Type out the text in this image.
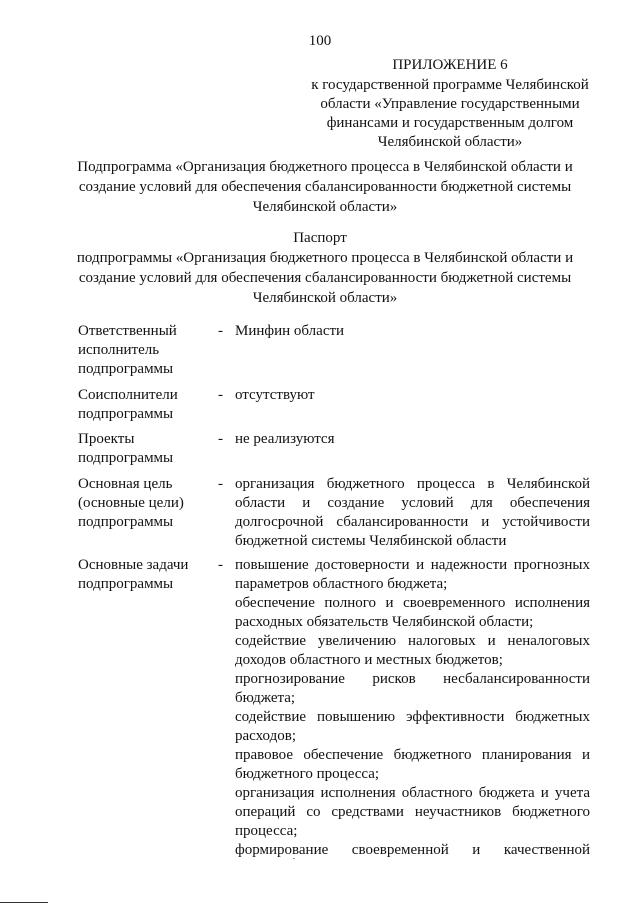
100
ПРИЛОЖЕНИЕ 6
к государственной программе Челябинской
области «Управление государственными
финансами и государственным долгом
Челябинской области»
Подпрограмма «Организация бюджетного процесса в Челябинской области и
создание условий для обеспечения сбалансированности бюджетной системы
Челябинской области»
Паспорт
подпрограммы «Организация бюджетного процесса в Челябинской области и
создание условий для обеспечения сбалансированности бюджетной системы
Челябинской области»
Ответственный
исполнитель
подпрограммы
- Минфин области
Соисполнители
подпрограммы
- отсутствуют
Проекты
подпрограммы
- не реализуются
Основная цель
(основные цели)
подпрограммы
- организация бюджетного процесса в Челябинской
области и создание условий для обеспечения
долгосрочной сбалансированности и устойчивости
бюджетной системы Челябинской области
Основные задачи
подпрограммы
- повышение достоверности и надежности прогнозных
параметров областного бюджета;
обеспечение полного и своевременного исполнения
расходных обязательств Челябинской области;
содействие увеличению налоговых и неналоговых
доходов областного и местных бюджетов;
прогнозирование рисков несбалансированности
бюджета;
содействие повышению эффективности бюджетных
расходов;
правовое обеспечение бюджетного планирования и
бюджетного процесса;
организация исполнения областного бюджета и учета
операций со средствами неучастников бюджетного
процесса;
формирование своевременной и качественной
